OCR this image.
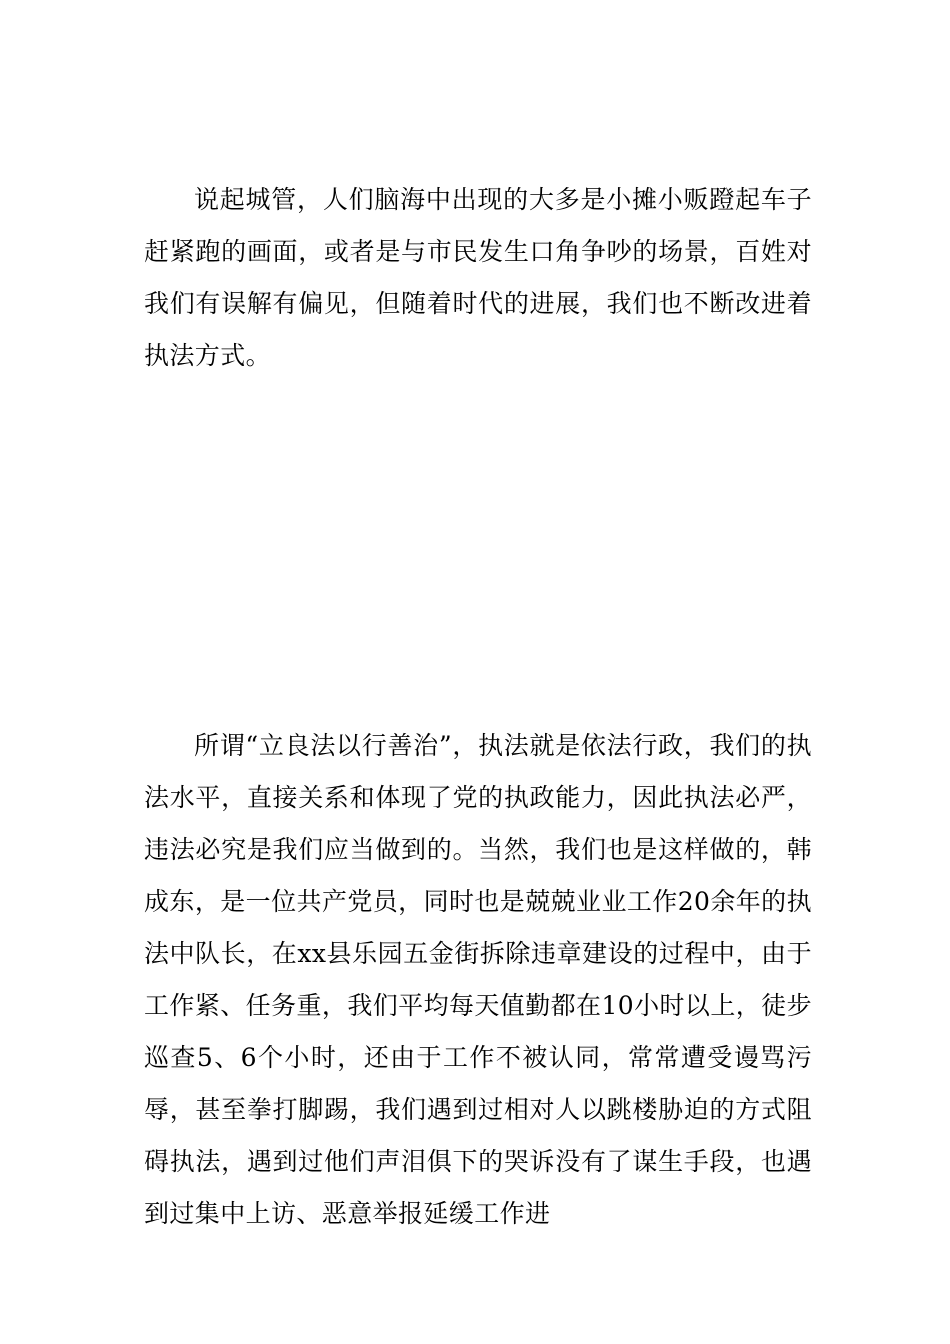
说起城管，人们脑海中出现的大多是小摊小贩蹬起车子赶紧跑的画面，或者是与市民发生口角争吵的场景，百姓对我们有误解有偏见，但随着时代的进展，我们也不断改进着执法方式。

所谓“立良法以行善治”，执法就是依法行政，我们的执法水平，直接关系和体现了党的执政能力，因此执法必严，违法必究是我们应当做到的。当然，我们也是这样做的，韩成东，是一位共产党员，同时也是兢兢业业工作20余年的执法中队长，在xx县乐园五金街拆除违章建设的过程中，由于工作紧、任务重，我们平均每天值勤都在10小时以上，徒步巡查5、6个小时，还由于工作不被认同，常常遭受谩骂污辱，甚至拳打脚踢，我们遇到过相对人以跳楼胁迫的方式阻碍执法，遇到过他们声泪俱下的哭诉没有了谋生手段，也遇到过集中上访、恶意举报延缓工作进
